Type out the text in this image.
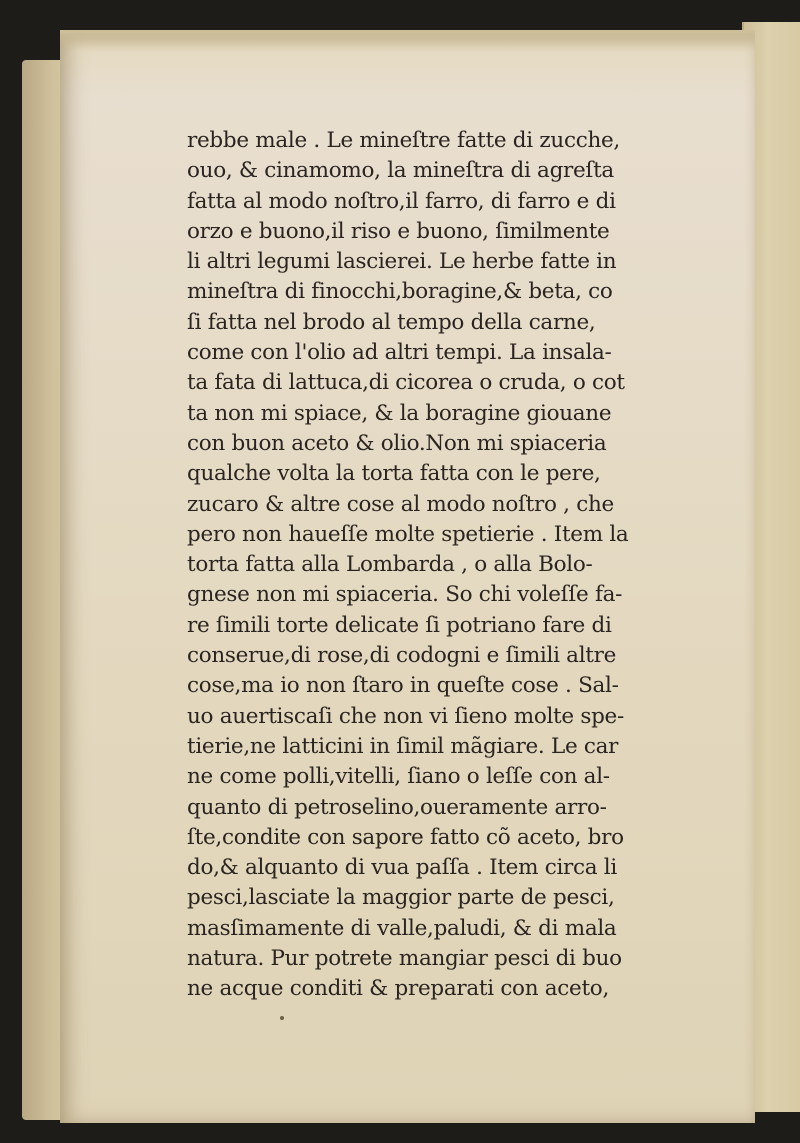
rebbe male . Le mineſtre fatte di zucche,
ouo, & cinamomo, la mineſtra di agreſta
fatta al modo noſtro,il farro, di farro e di
orzo e buono,il riso e buono, ſimilmente
li altri legumi lascierei. Le herbe fatte in
mineſtra di finocchi,boragine,& beta, co
ſi fatta nel brodo al tempo della carne,
come con l'olio ad altri tempi. La insala-
ta fata di lattuca,di cicorea o cruda, o cot
ta non mi spiace, & la boragine giouane
con buon aceto & olio.Non mi spiaceria
qualche volta la torta fatta con le pere,
zucaro & altre cose al modo noſtro , che
pero non haueſſe molte spetierie . Item la
torta fatta alla Lombarda , o alla Bolo-
gnese non mi spiaceria. So chi voleſſe fa-
re ſimili torte delicate ſi potriano fare di
conserue,di rose,di codogni e ſimili altre
cose,ma io non ſtaro in queſte cose . Sal-
uo auertiscaſi che non vi ſieno molte spe-
tierie,ne latticini in ſimil mãgiare. Le car
ne come polli,vitelli, ſiano o leſſe con al-
quanto di petroselino,oueramente arro-
ſte,condite con sapore fatto cõ aceto, bro
do,& alquanto di vua paſſa . Item circa li
pesci,lasciate la maggior parte de pesci,
masſimamente di valle,paludi, & di mala
natura. Pur potrete mangiar pesci di buo
ne acque conditi & preparati con aceto,
